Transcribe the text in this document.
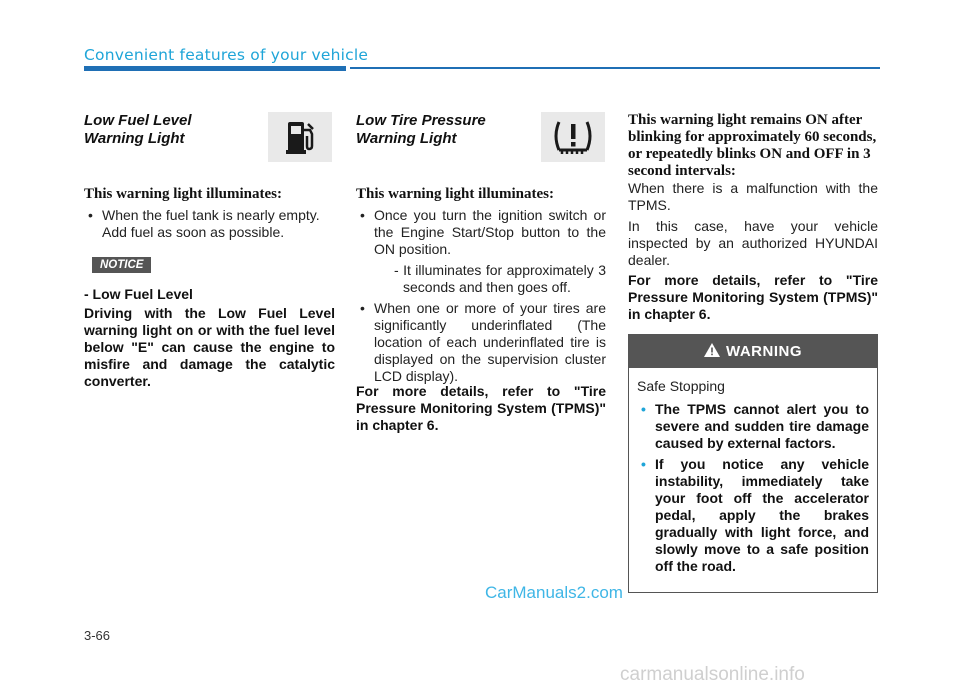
Convenient features of your vehicle
Low Fuel Level
Warning Light
This warning light illuminates:
• When the fuel tank is nearly empty.
Add fuel as soon as possible.
NOTICE
- Low Fuel Level
Driving with the Low Fuel Level warning light on or with the fuel level below "E" can cause the engine to misfire and damage the catalytic converter.
Low Tire Pressure
Warning Light
This warning light illuminates:
• Once you turn the ignition switch or the Engine Start/Stop button to the ON position.
- It illuminates for approximately 3 seconds and then goes off.
• When one or more of your tires are significantly underinflated (The location of each underinflated tire is displayed on the supervision cluster LCD display).
For more details, refer to "Tire Pressure Monitoring System (TPMS)" in chapter 6.
This warning light remains ON after blinking for approximately 60 seconds, or repeatedly blinks ON and OFF in 3 second intervals:
When there is a malfunction with the TPMS.
In this case, have your vehicle inspected by an authorized HYUNDAI dealer.
For more details, refer to "Tire Pressure Monitoring System (TPMS)" in chapter 6.
WARNING
Safe Stopping
• The TPMS cannot alert you to severe and sudden tire damage caused by external factors.
• If you notice any vehicle instability, immediately take your foot off the accelerator pedal, apply the brakes gradually with light force, and slowly move to a safe position off the road.
CarManuals2.com
3-66
carmanualsonline.info
